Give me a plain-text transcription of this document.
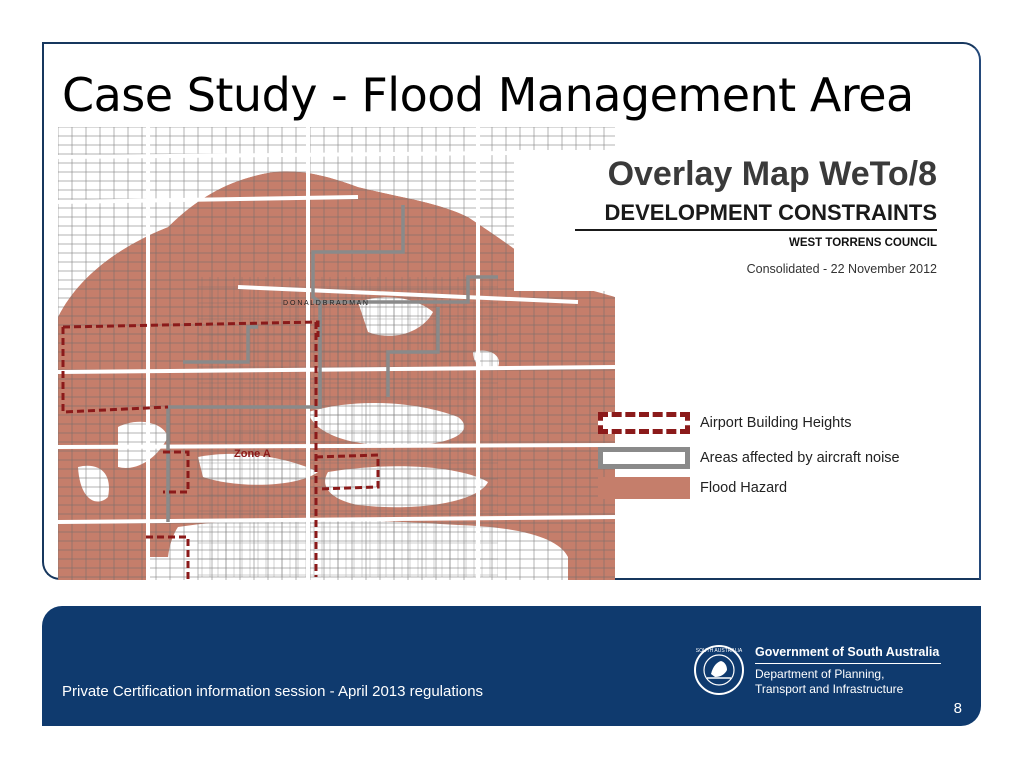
Case Study - Flood Management Area
D O N A L D B R A D M A N
Zone A
Overlay Map WeTo/8
DEVELOPMENT CONSTRAINTS
WEST TORRENS COUNCIL
Consolidated - 22 November 2012
Airport Building Heights
Areas affected by aircraft noise
Flood Hazard
Private Certification information session - April 2013 regulations
8
SOUTH AUSTRALIA Government of South Australia
Department of Planning,
Transport and Infrastructure
